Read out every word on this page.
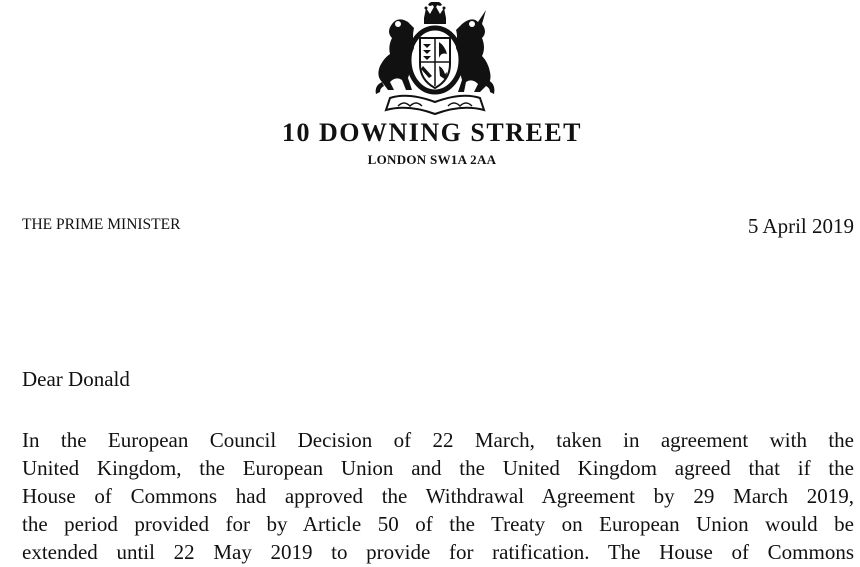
10 DOWNING STREET
LONDON SW1A 2AA
THE PRIME MINISTER	5 April 2019
Dear Donald

In the European Council Decision of 22 March, taken in agreement with the
United Kingdom, the European Union and the United Kingdom agreed that if the
House of Commons had approved the Withdrawal Agreement by 29 March 2019,
the period provided for by Article 50 of the Treaty on European Union would be
extended until 22 May 2019 to provide for ratification. The House of Commons
